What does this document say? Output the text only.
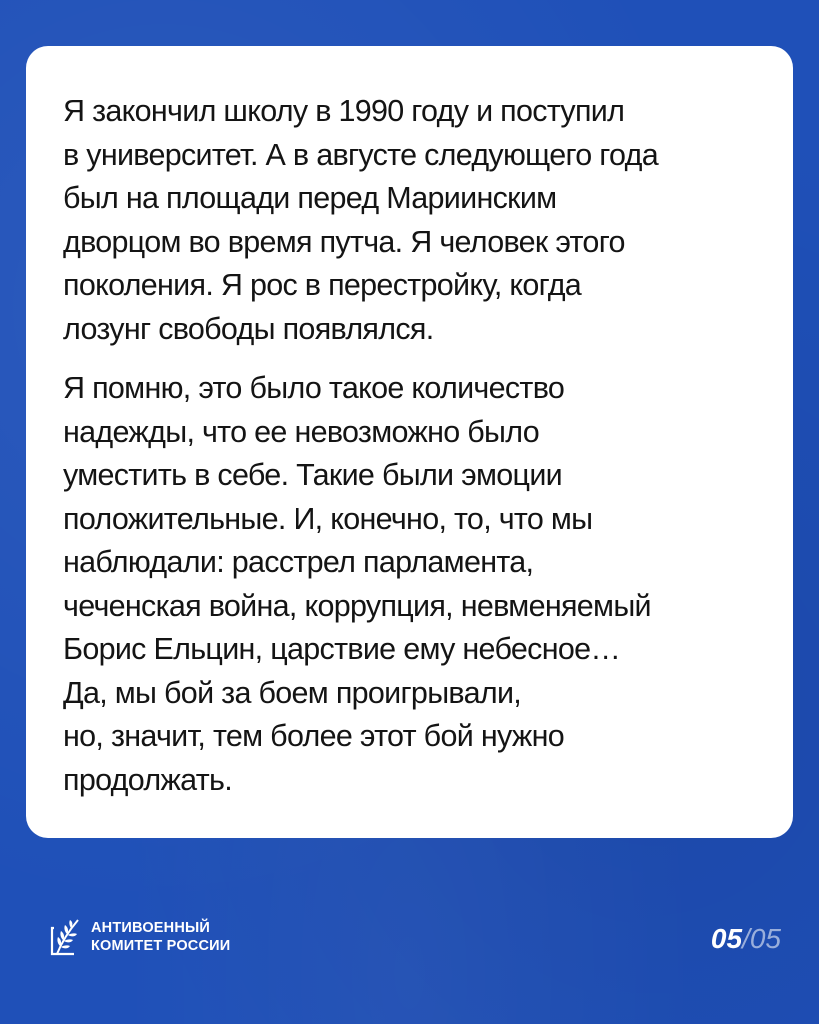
Я закончил школу в 1990 году и поступил
в университет. А в августе следующего года
был на площади перед Мариинским
дворцом во время путча. Я человек этого
поколения. Я рос в перестройку, когда
лозунг свободы появлялся.

Я помню, это было такое количество
надежды, что ее невозможно было
уместить в себе. Такие были эмоции
положительные. И, конечно, то, что мы
наблюдали: расстрел парламента,
чеченская война, коррупция, невменяемый
Борис Ельцин, царствие ему небесное…
Да, мы бой за боем проигрывали,
но, значит, тем более этот бой нужно
продолжать.

АНТИВОЕННЫЙ
КОМИТЕТ РОССИИ	05/05
